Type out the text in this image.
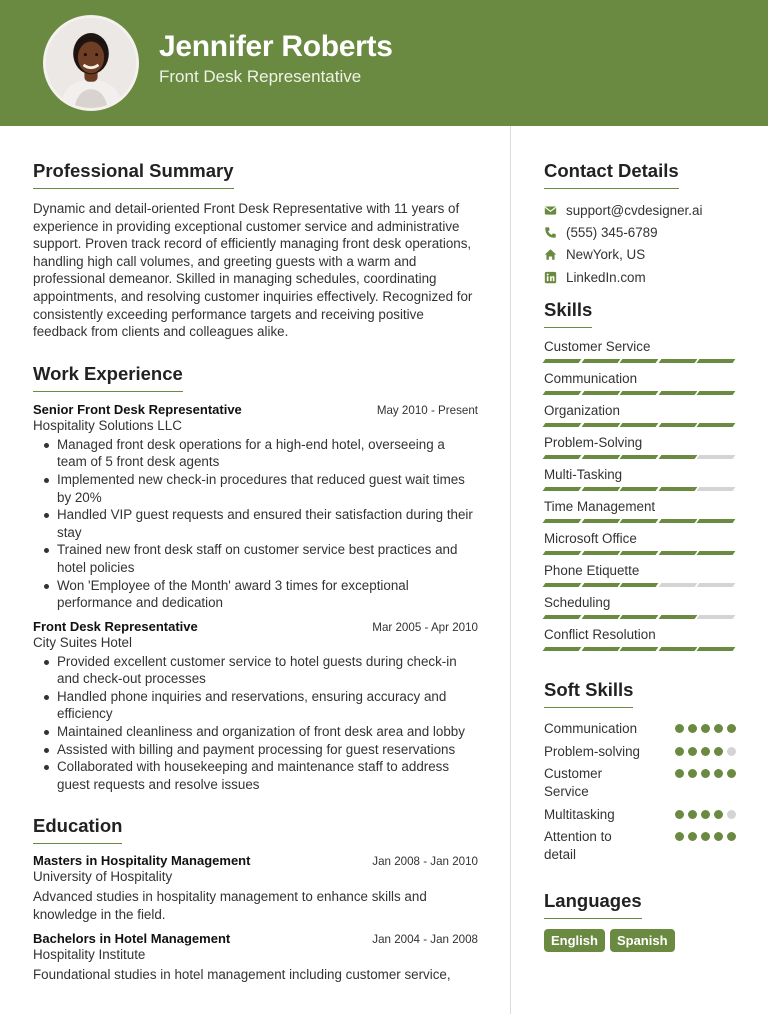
Jennifer Roberts
Front Desk Representative
Professional Summary

Dynamic and detail-oriented Front Desk Representative with 11 years of experience in providing exceptional customer service and administrative support. Proven track record of efficiently managing front desk operations, handling high call volumes, and greeting guests with a warm and professional demeanor. Skilled in managing schedules, coordinating appointments, and resolving customer inquiries effectively. Recognized for consistently exceeding performance targets and receiving positive feedback from clients and colleagues alike.

Work Experience
Senior Front Desk Representative	May 2010 - Present
Hospitality Solutions LLC
Managed front desk operations for a high-end hotel, overseeing a team of 5 front desk agents
Implemented new check-in procedures that reduced guest wait times by 20%
Handled VIP guest requests and ensured their satisfaction during their stay
Trained new front desk staff on customer service best practices and hotel policies
Won 'Employee of the Month' award 3 times for exceptional performance and dedication
Front Desk Representative	Mar 2005 - Apr 2010
City Suites Hotel
Provided excellent customer service to hotel guests during check-in and check-out processes
Handled phone inquiries and reservations, ensuring accuracy and efficiency
Maintained cleanliness and organization of front desk area and lobby
Assisted with billing and payment processing for guest reservations
Collaborated with housekeeping and maintenance staff to address guest requests and resolve issues
Education
Masters in Hospitality Management	Jan 2008 - Jan 2010
University of Hospitality

Advanced studies in hospitality management to enhance skills and knowledge in the field.

Bachelors in Hotel Management	Jan 2004 - Jan 2008
Hospitality Institute

Foundational studies in hotel management including customer service,

Contact Details
support@cvdesigner.ai
(555) 345-6789
NewYork, US
LinkedIn.com
Skills
Customer Service
Communication
Organization
Problem-Solving
Multi-Tasking
Time Management
Microsoft Office
Phone Etiquette
Scheduling
Conflict Resolution
Soft Skills
Communication
Problem-solving
Customer Service
Multitasking
Attention to detail
Languages
English	Spanish
